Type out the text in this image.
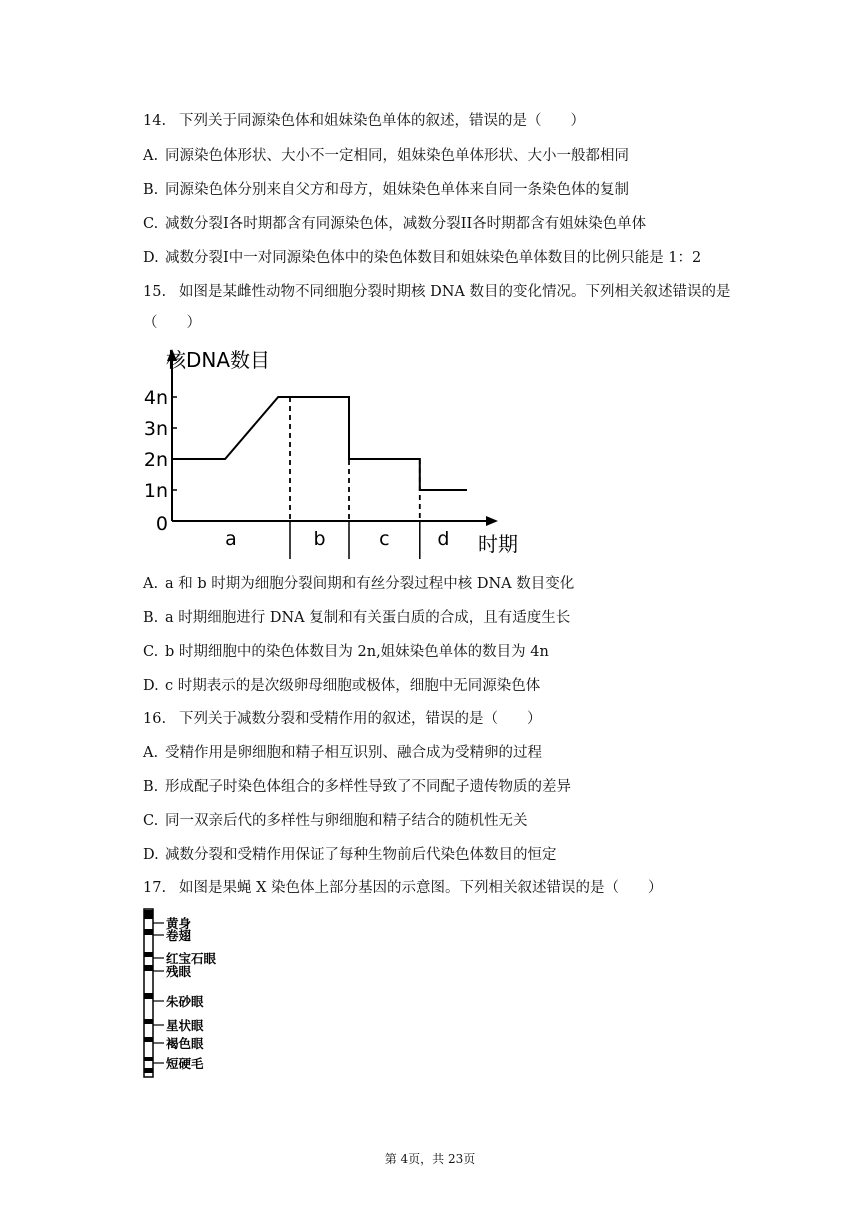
14. 下列关于同源染色体和姐妹染色单体的叙述，错误的是（　　）
A. 同源染色体形状、大小不一定相同，姐妹染色单体形状、大小一般都相同
B. 同源染色体分别来自父方和母方，姐妹染色单体来自同一条染色体的复制
C. 减数分裂I各时期都含有同源染色体，减数分裂II各时期都含有姐妹染色单体
D. 减数分裂I中一对同源染色体中的染色体数目和姐妹染色单体数目的比例只能是 1：2
15. 如图是某雌性动物不同细胞分裂时期核 DNA 数目的变化情况。下列相关叙述错误的是
（　　）
核DNA数目
时期
0
1n
2n
3n
4n
a	b	c	d
A. a 和 b 时期为细胞分裂间期和有丝分裂过程中核 DNA 数目变化
B. a 时期细胞进行 DNA 复制和有关蛋白质的合成，且有适度生长
C. b 时期细胞中的染色体数目为 2n,姐妹染色单体的数目为 4n
D. c 时期表示的是次级卵母细胞或极体，细胞中无同源染色体
16. 下列关于减数分裂和受精作用的叙述，错误的是（　　）
A. 受精作用是卵细胞和精子相互识别、融合成为受精卵的过程
B. 形成配子时染色体组合的多样性导致了不同配子遗传物质的差异
C. 同一双亲后代的多样性与卵细胞和精子结合的随机性无关
D. 减数分裂和受精作用保证了每种生物前后代染色体数目的恒定
17. 如图是果蝇 X 染色体上部分基因的示意图。下列相关叙述错误的是（　　）
黄身
卷翅
红宝石眼
残眼
朱砂眼
星状眼
褐色眼
短硬毛
第 4页，共 23页
